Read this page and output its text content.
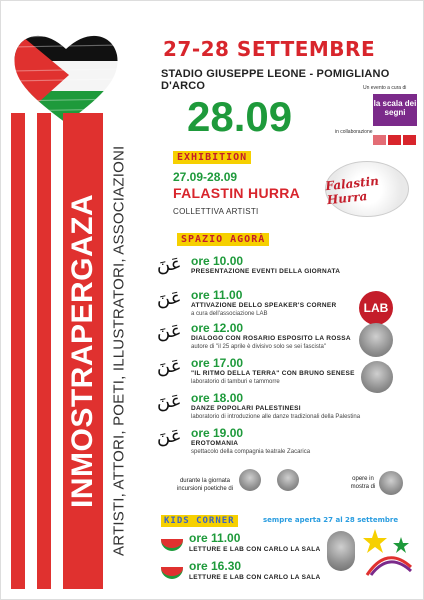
INMOSTRAPERGAZA ARTISTI, ATTORI, POETI, ILLUSTRATORI, ASSOCIAZIONI
27-28 SETTEMBRE
STADIO GIUSEPPE LEONE - POMIGLIANO D'ARCO
28.09
Un evento a cura di
la scala dei segni
in collaborazione
EXHIBITION
27.09-28.09
FALASTIN HURRA
COLLETTIVA ARTISTI
Falastin Hurra
SPAZIO AGORÀ
عَنَ ore 10.00
PRESENTAZIONE EVENTI DELLA GIORNATA
عَنَ ore 11.00
ATTIVAZIONE DELLO SPEAKER'S CORNER
a cura dell'associazione LAB
عَنَ ore 12.00
DIALOGO CON ROSARIO ESPOSITO LA ROSSA
autore di "il 25 aprile è divisivo solo se sei fascista"
عَنَ ore 17.00
"IL RITMO DELLA TERRA" CON BRUNO SENESE
laboratorio di tamburi e tammorre
عَنَ ore 18.00
DANZE POPOLARI PALESTINESI
laboratorio di introduzione alle danze tradizionali della Palestina
عَنَ ore 19.00
EROTOMANIA
spettacolo della compagnia teatrale Zacarica
LAB
durante la giornata
incursioni poetiche di
opere in
mostra di
KIDS CORNER	sempre aperta 27 al 28 settembre
ore 11.00
LETTURE E LAB CON CARLO LA SALA
ore 16.30
LETTURE E LAB CON CARLO LA SALA
